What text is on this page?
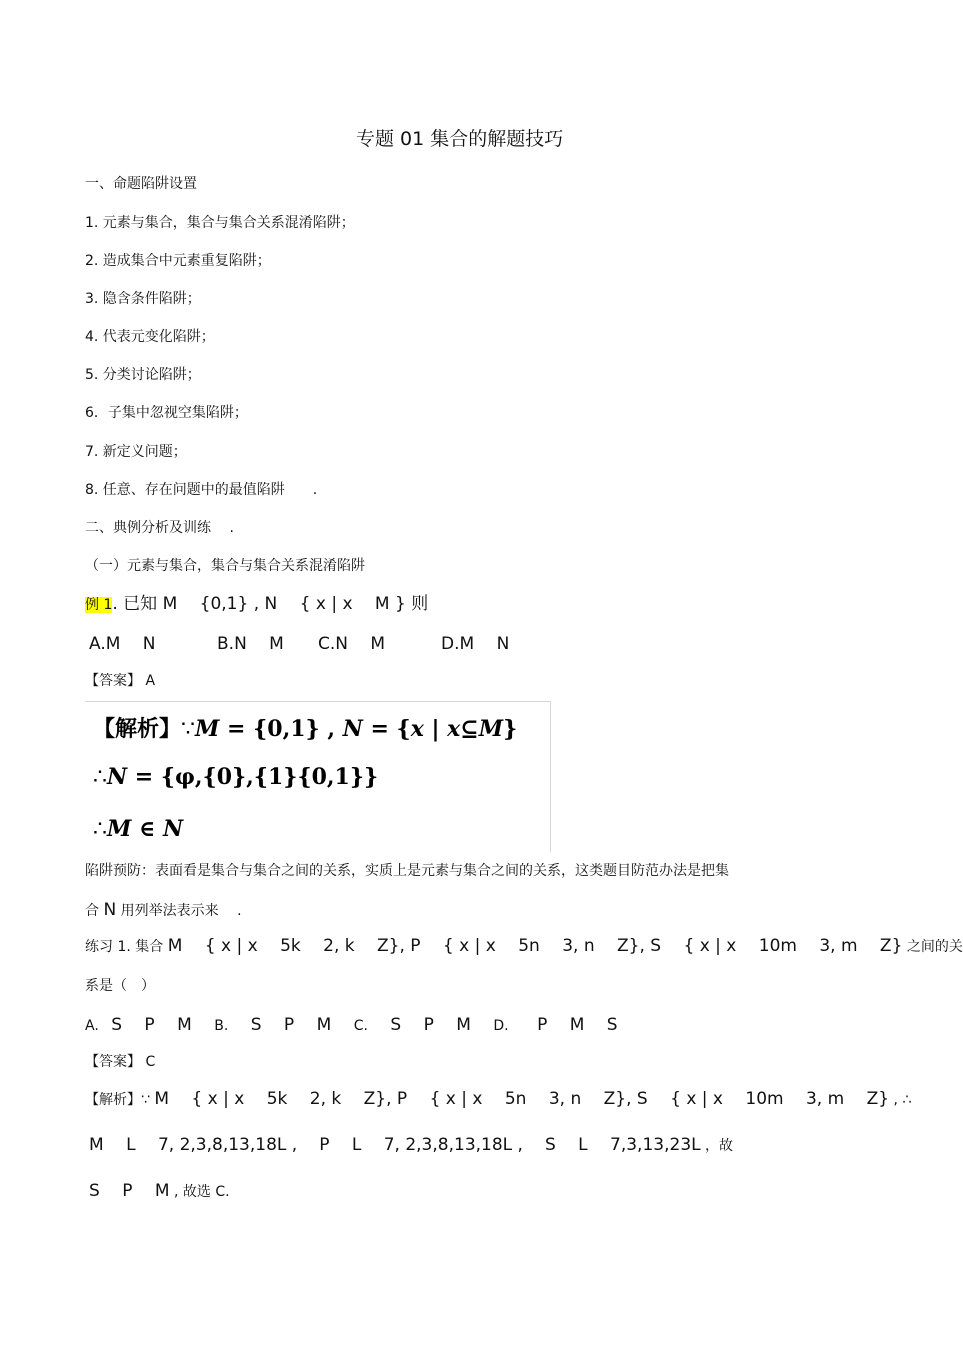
专题 01 集合的解题技巧
一、命题陷阱设置
1. 元素与集合，集合与集合关系混淆陷阱；
2. 造成集合中元素重复陷阱；
3. 隐含条件陷阱；
4. 代表元变化陷阱；
5. 分类讨论陷阱；
6．子集中忽视空集陷阱；
7. 新定义问题；
8. 任意、存在问题中的最值陷阱　　.
二、典例分析及训练　 .
（一）元素与集合，集合与集合关系混淆陷阱
例 1. 已知 M　 {0,1} , N　 { x | x　 M } 则
A.M　 N	B.N　 M C.N　 M	D.M　 N
【答案】 A
【解析】∵M = {0,1} , N = {x | x⊆M}
∴N = {φ,{0},{1}{0,1}}
∴M ∈ N
陷阱预防：表面看是集合与集合之间的关系，实质上是元素与集合之间的关系，这类题目防范办法是把集
合 N 用列举法表示来　 .
练习 1. 集合 M　 { x | x　 5k　 2, k　 Z}, P　 { x | x　 5n　 3, n　 Z}, S　 { x | x　 10m　 3, m　 Z} 之间的关
系是（　）
A. S　 P　 M B. S　 P　 M C. S　 P　 M D. P　 M　 S
【答案】 C
【解析】∵ M　 { x | x　 5k　 2, k　 Z}, P　 { x | x　 5n　 3, n　 Z}, S　 { x | x　 10m　 3, m　 Z} , ∴
M　 L　 7, 2,3,8,13,18L , P　 L　 7, 2,3,8,13,18L , S　 L　 7,3,13,23L ，故
S　 P　 M , 故选 C.
